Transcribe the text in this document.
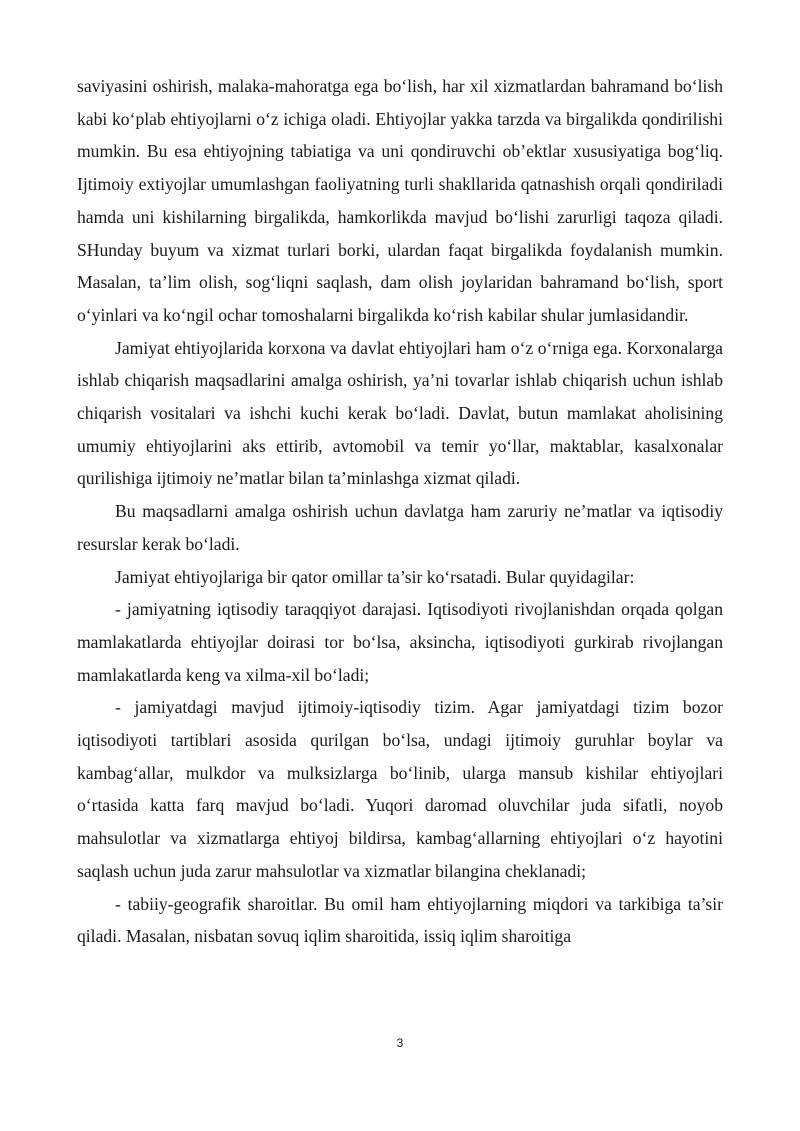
saviyasini oshirish, malaka-mahoratga ega bo‘lish, har xil xizmatlardan bahramand bo‘lish kabi ko‘plab ehtiyojlarni o‘z ichiga oladi. Ehtiyojlar yakka tarzda va birgalikda qondirilishi mumkin. Bu esa ehtiyojning tabiatiga va uni qondiruvchi ob’ektlar xususiyatiga bog‘liq. Ijtimoiy extiyojlar umumlashgan faoliyatning turli shakllarida qatnashish orqali qondiriladi hamda uni kishilarning birgalikda, hamkorlikda mavjud bo‘lishi zarurligi taqoza qiladi. SHunday buyum va xizmat turlari borki, ulardan faqat birgalikda foydalanish mumkin. Masalan, ta’lim olish, sog‘liqni saqlash, dam olish joylaridan bahramand bo‘lish, sport o‘yinlari va ko‘ngil ochar tomoshalarni birgalikda ko‘rish kabilar shular jumlasidandir.

Jamiyat ehtiyojlarida korxona va davlat ehtiyojlari ham o‘z o‘rniga ega. Korxonalarga ishlab chiqarish maqsadlarini amalga oshirish, ya’ni tovarlar ishlab chiqarish uchun ishlab chiqarish vositalari va ishchi kuchi kerak bo‘ladi. Davlat, butun mamlakat aholisining umumiy ehtiyojlarini aks ettirib, avtomobil va temir yo‘llar, maktablar, kasalxonalar qurilishiga ijtimoiy ne’matlar bilan ta’minlashga xizmat qiladi.

Bu maqsadlarni amalga oshirish uchun davlatga ham zaruriy ne’matlar va iqtisodiy resurslar kerak bo‘ladi.

Jamiyat ehtiyojlariga bir qator omillar ta’sir ko‘rsatadi. Bular quyidagilar:

- jamiyatning iqtisodiy taraqqiyot darajasi. Iqtisodiyoti rivojlanishdan orqada qolgan mamlakatlarda ehtiyojlar doirasi tor bo‘lsa, aksincha, iqtisodiyoti gurkirab rivojlangan mamlakatlarda keng va xilma-xil bo‘ladi;

- jamiyatdagi mavjud ijtimoiy-iqtisodiy tizim. Agar jamiyatdagi tizim bozor iqtisodiyoti tartiblari asosida qurilgan bo‘lsa, undagi ijtimoiy guruhlar boylar va kambag‘allar, mulkdor va mulksizlarga bo‘linib, ularga mansub kishilar ehtiyojlari o‘rtasida katta farq mavjud bo‘ladi. Yuqori daromad oluvchilar juda sifatli, noyob mahsulotlar va xizmatlarga ehtiyoj bildirsa, kambag‘allarning ehtiyojlari o‘z hayotini saqlash uchun juda zarur mahsulotlar va xizmatlar bilangina cheklanadi;

- tabiiy-geografik sharoitlar. Bu omil ham ehtiyojlarning miqdori va tarkibiga ta’sir qiladi. Masalan, nisbatan sovuq iqlim sharoitida, issiq iqlim sharoitiga

3
